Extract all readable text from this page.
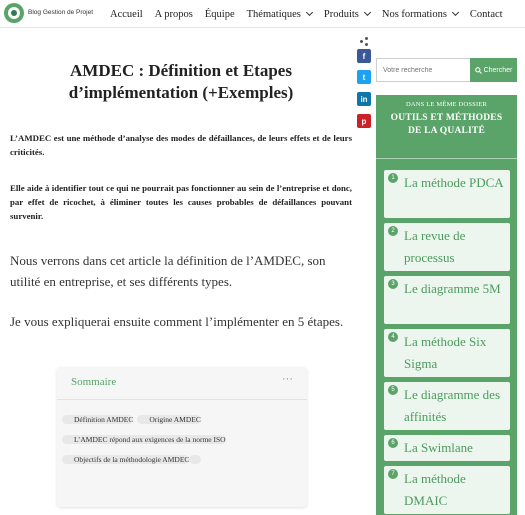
Blog Gestion de Projet Accueil A propos Équipe Thématiques Produits Nos formations Contact
f
t
in
p
AMDEC : Définition et Etapes d’implémentation (+Exemples)

L’AMDEC est une méthode d’analyse des modes de défaillances, de leurs effets et de leurs criticités.

Elle aide à identifier tout ce qui ne pourrait pas fonctionner au sein de l’entreprise et donc, par effet de ricochet, à éliminer toutes les causes probables de défaillances pouvant survenir.

Nous verrons dans cet article la définition de l’AMDEC, son utilité en entreprise, et ses différents types.

Je vous expliquerai ensuite comment l’implémenter en 5 étapes.

Sommaire	···
Définition AMDEC Origine AMDEC L’AMDEC répond aux exigences de la norme ISO Objectifs de la méthodologie AMDEC
Votre recherche
Chercher
DANS LE MÊME DOSSIER
OUTILS ET MÉTHODES
DE LA QUALITÉ
1 La méthode PDCA
2 La revue de processus
3 Le diagramme 5M
4 La méthode Six Sigma
5 Le diagramme des affinités
6 La Swimlane
7 La méthode DMAIC
